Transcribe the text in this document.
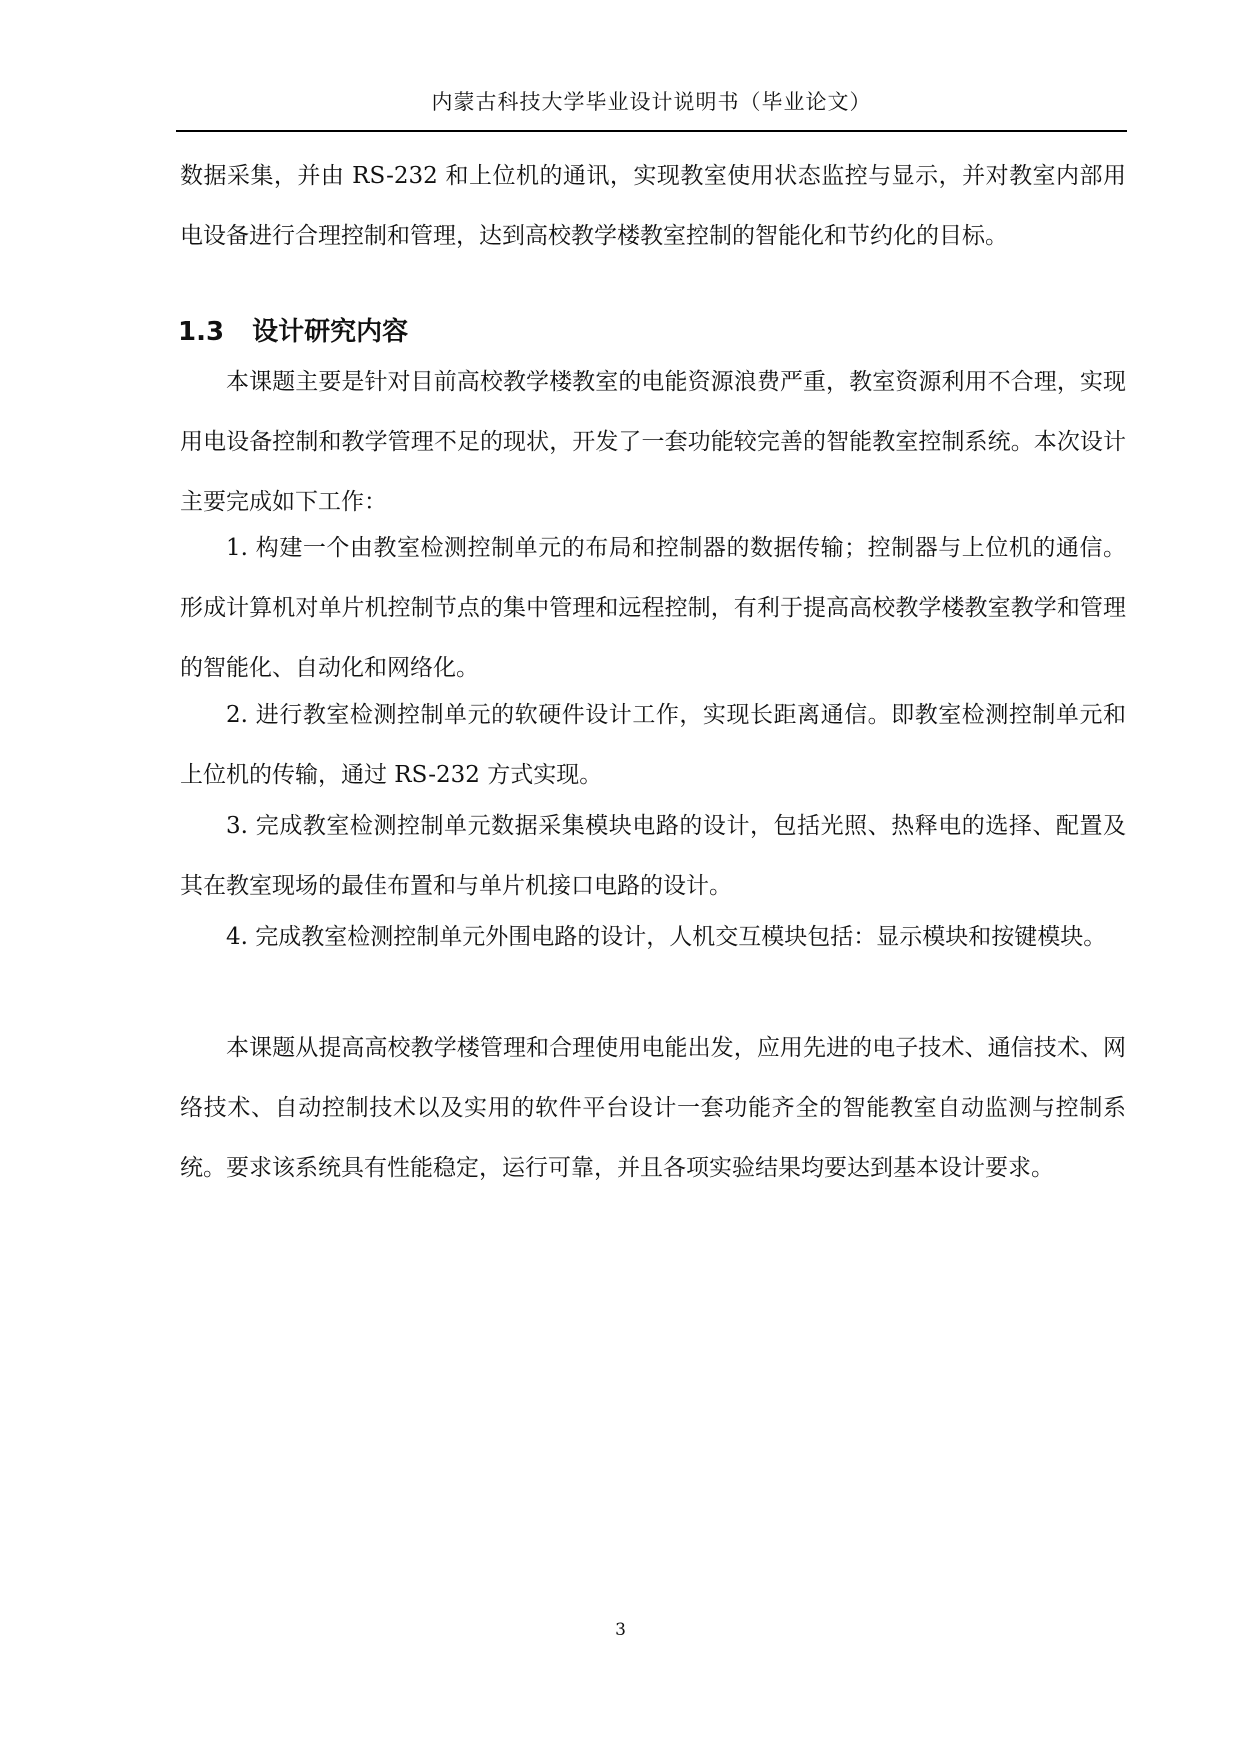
内蒙古科技大学毕业设计说明书（毕业论文）

数据采集，并由 RS-232 和上位机的通讯，实现教室使用状态监控与显示，并对教室内部用电设备进行合理控制和管理，达到高校教学楼教室控制的智能化和节约化的目标。

1.3 设计研究内容

本课题主要是针对目前高校教学楼教室的电能资源浪费严重，教室资源利用不合理，实现用电设备控制和教学管理不足的现状，开发了一套功能较完善的智能教室控制系统。本次设计主要完成如下工作：

1. 构建一个由教室检测控制单元的布局和控制器的数据传输；控制器与上位机的通信。形成计算机对单片机控制节点的集中管理和远程控制，有利于提高高校教学楼教室教学和管理的智能化、自动化和网络化。

2. 进行教室检测控制单元的软硬件设计工作，实现长距离通信。即教室检测控制单元和上位机的传输，通过 RS-232 方式实现。

3. 完成教室检测控制单元数据采集模块电路的设计，包括光照、热释电的选择、配置及其在教室现场的最佳布置和与单片机接口电路的设计。

4. 完成教室检测控制单元外围电路的设计，人机交互模块包括：显示模块和按键模块。

本课题从提高高校教学楼管理和合理使用电能出发，应用先进的电子技术、通信技术、网络技术、自动控制技术以及实用的软件平台设计一套功能齐全的智能教室自动监测与控制系统。要求该系统具有性能稳定，运行可靠，并且各项实验结果均要达到基本设计要求。

3
